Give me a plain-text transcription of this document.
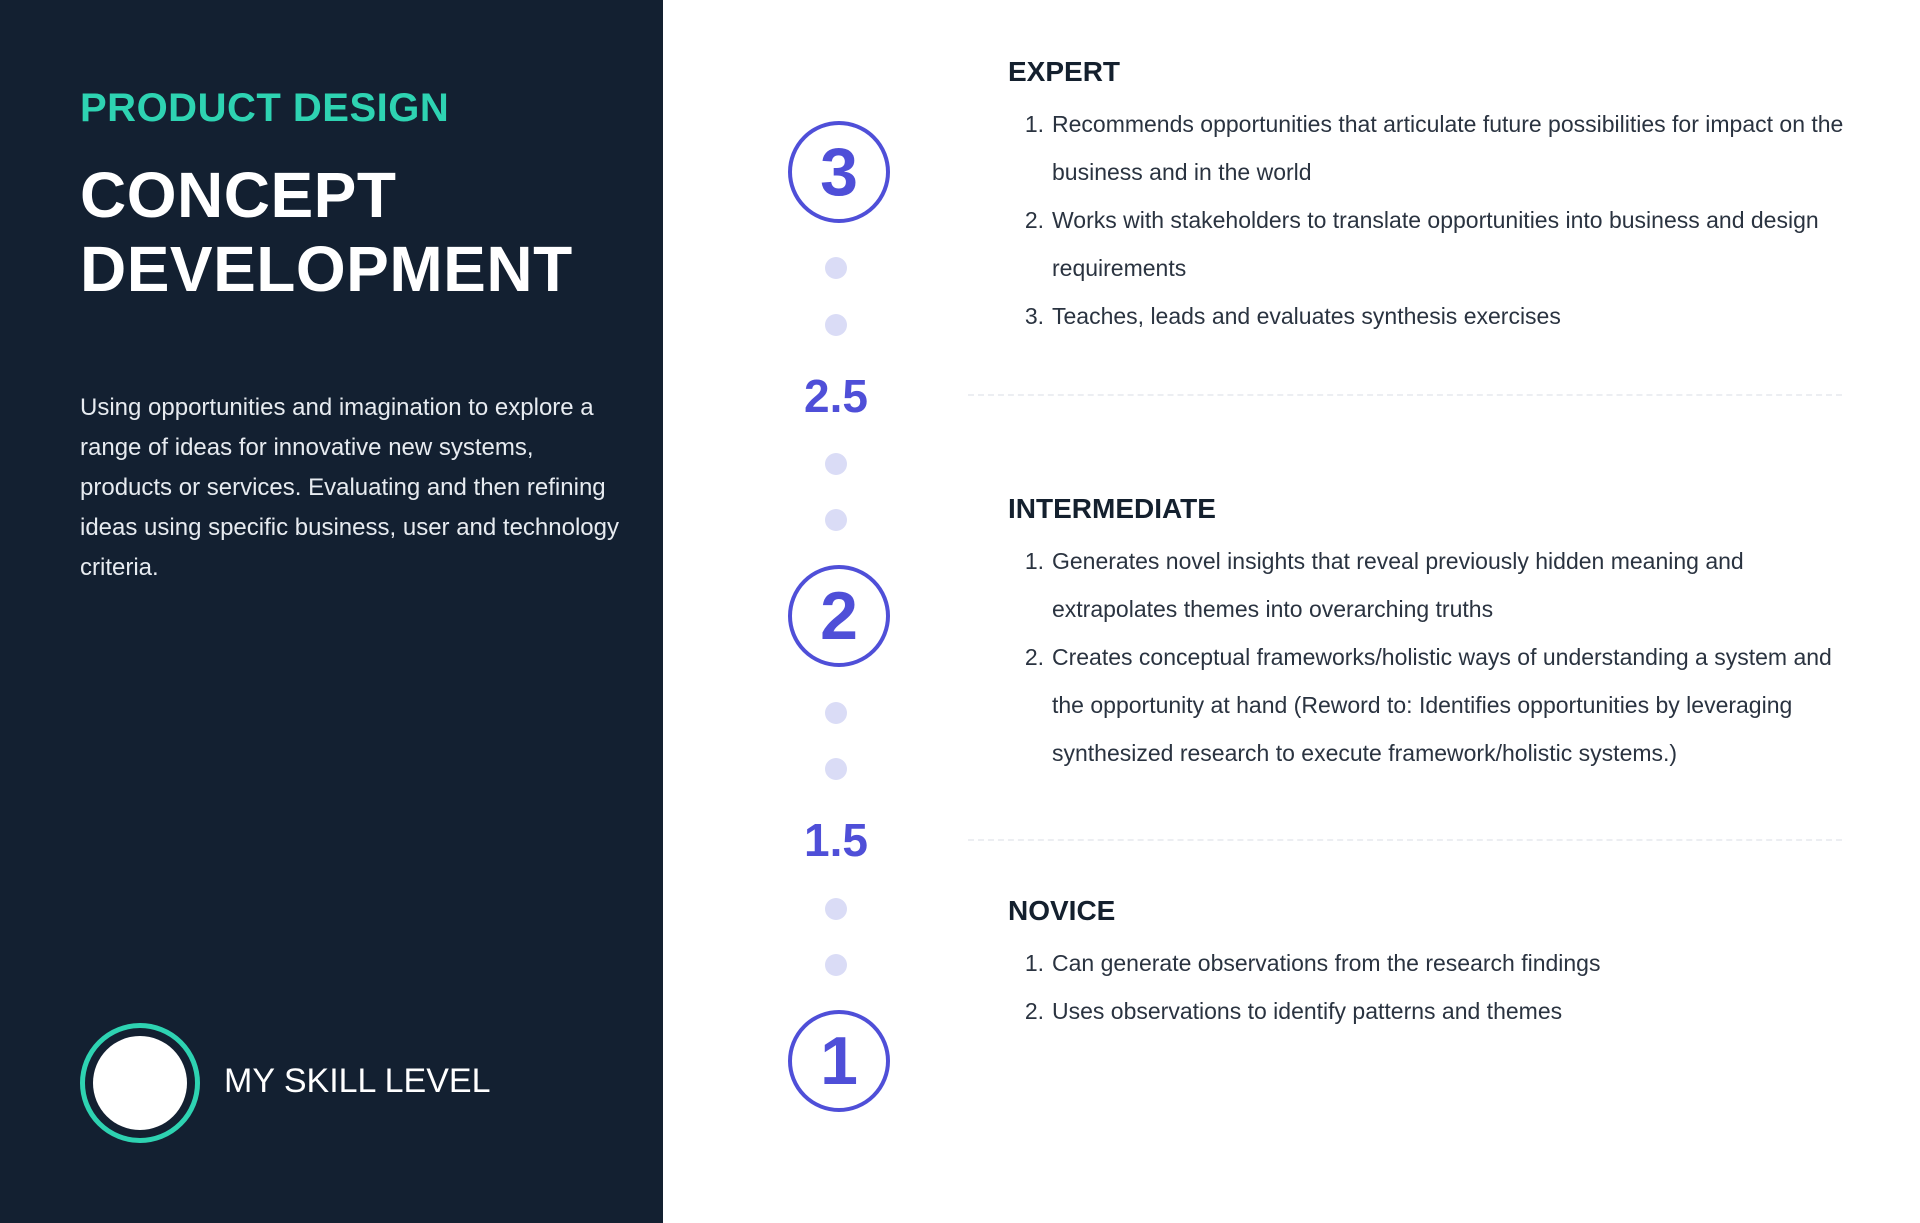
PRODUCT DESIGN

CONCEPT
DEVELOPMENT

Using opportunities and imagination to explore a range of ideas for innovative new systems, products or services. Evaluating and then refining ideas using specific business, user and technology criteria.

MY SKILL LEVEL

3
2.5
2
1.5
1
EXPERT
1. Recommends opportunities that articulate future possibilities for impact on the business and in the world
2. Works with stakeholders to translate opportunities into business and design requirements
3. Teaches, leads and evaluates synthesis exercises
INTERMEDIATE
1. Generates novel insights that reveal previously hidden meaning and extrapolates themes into overarching truths
2. Creates conceptual frameworks/holistic ways of understanding a system and the opportunity at hand (Reword to: Identifies opportunities by leveraging synthesized research to execute framework/holistic systems.)
NOVICE
1. Can generate observations from the research findings
2. Uses observations to identify patterns and themes
